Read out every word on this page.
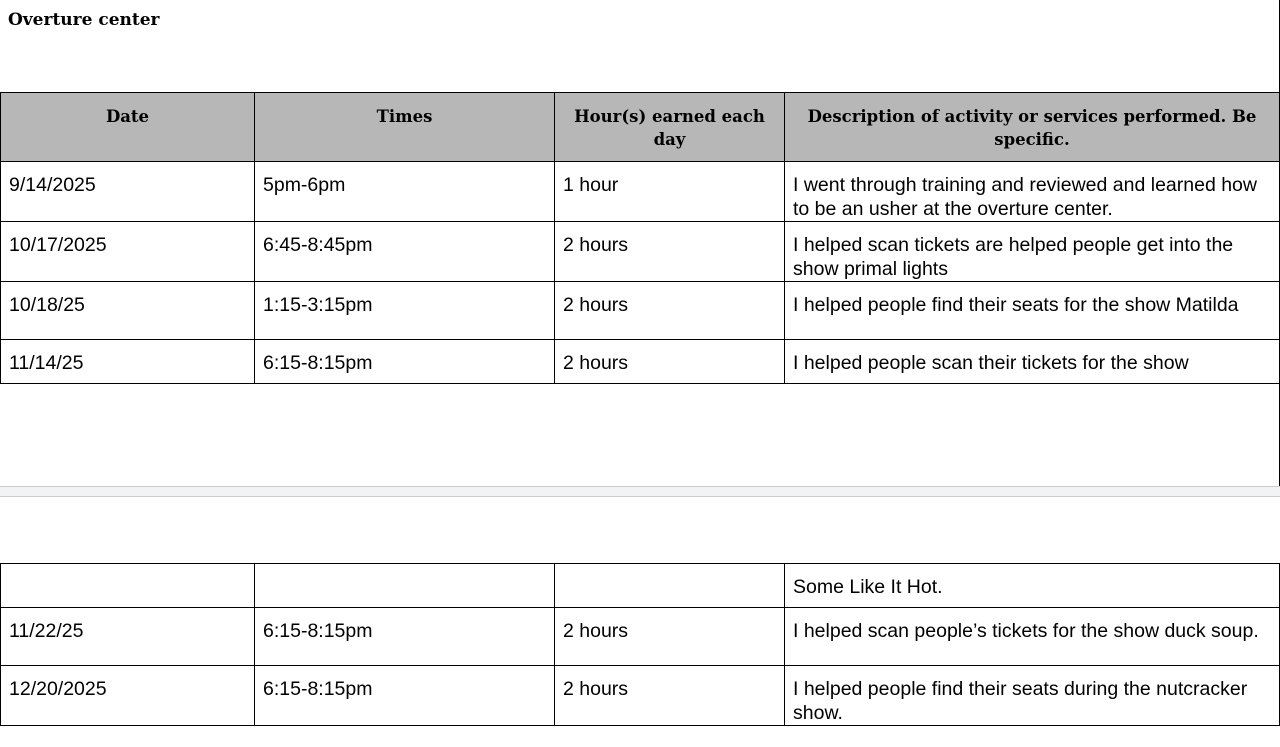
Overture center
Date	Times	Hour(s) earned each day	Description of activity or services performed. Be specific.
9/14/2025	5pm-6pm	1 hour	I went through training and reviewed and learned how to be an usher at the overture center.
10/17/2025	6:45-8:45pm	2 hours	I helped scan tickets are helped people get into the show primal lights
10/18/25	1:15-3:15pm	2 hours	I helped people find their seats for the show Matilda
11/14/25	6:15-8:15pm	2 hours	I helped people scan their tickets for the show
			Some Like It Hot.
11/22/25	6:15-8:15pm	2 hours	I helped scan people’s tickets for the show duck soup.
12/20/2025	6:15-8:15pm	2 hours	I helped people find their seats during the nutcracker show.
